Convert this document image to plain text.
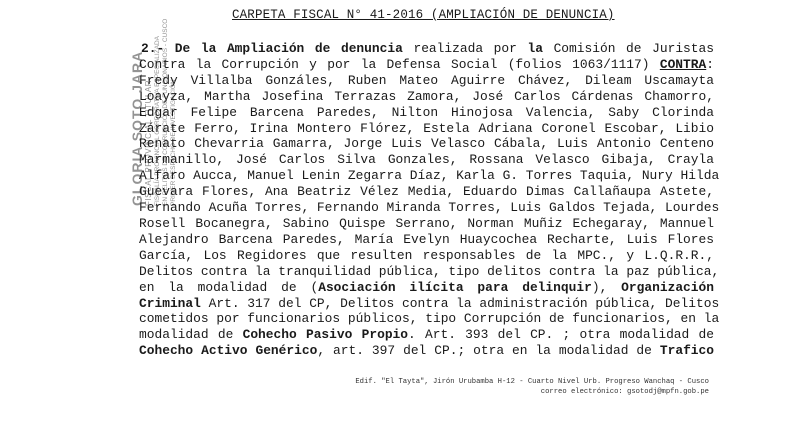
CARPETA FISCAL N° 41-2016 (AMPLIACIÓN DE DENUNCIA)
GLORIA SOTO JARA FISCAL PROVINCIAL TITULAR FISCALÍA PROVINCIAL CORPORATIVA ESPECIALIZADA EN DELITOS DE CORRUPCIÓN DE FUNCIONARIOS - CUSCO PRIMER DESPACHO DE INVESTIGACIÓN
2.- De la Ampliación de denuncia realizada por la Comisión de Juristas
Contra la Corrupción y por la Defensa Social (folios 1063/1117) CONTRA:
Fredy Villalba Gonzáles, Ruben Mateo Aguirre Chávez, Dileam Uscamayta
Loayza, Martha Josefina Terrazas Zamora, José Carlos Cárdenas Chamorro,
Edgar Felipe Barcena Paredes, Nilton Hinojosa Valencia, Saby Clorinda
Zárate Ferro, Irina Montero Flórez, Estela Adriana Coronel Escobar, Libio
Renato Chevarria Gamarra, Jorge Luis Velasco Cábala, Luis Antonio Centeno
Marmanillo, José Carlos Silva Gonzales, Rossana Velasco Gibaja, Crayla
Alfaro Aucca, Manuel Lenin Zegarra Díaz, Karla G. Torres Taquia, Nury Hilda
Guevara Flores, Ana Beatriz Vélez Media, Eduardo Dimas Callañaupa Astete,
Fernando Acuña Torres, Fernando Miranda Torres, Luis Galdos Tejada, Lourdes
Rosell Bocanegra, Sabino Quispe Serrano, Norman Muñiz Echegaray, Mannuel
Alejandro Barcena Paredes, María Evelyn Huaycochea Recharte, Luis Flores
García, Los Regidores que resulten responsables de la MPC., y L.Q.R.R.,
Delitos contra la tranquilidad pública, tipo delitos contra la paz pública,
en la modalidad de (Asociación ilícita para delinquir), Organización
Criminal Art. 317 del CP, Delitos contra la administración pública, Delitos
cometidos por funcionarios públicos, tipo Corrupción de funcionarios, en la
modalidad de Cohecho Pasivo Propio. Art. 393 del CP. ; otra modalidad de
Cohecho Activo Genérico, art. 397 del CP.; otra en la modalidad de Trafico
Edif. "El Tayta", Jirón Urubamba H-12 - Cuarto Nivel Urb. Progreso Wanchaq - Cusco
correo electrónico: gsotodj@mpfn.gob.pe
